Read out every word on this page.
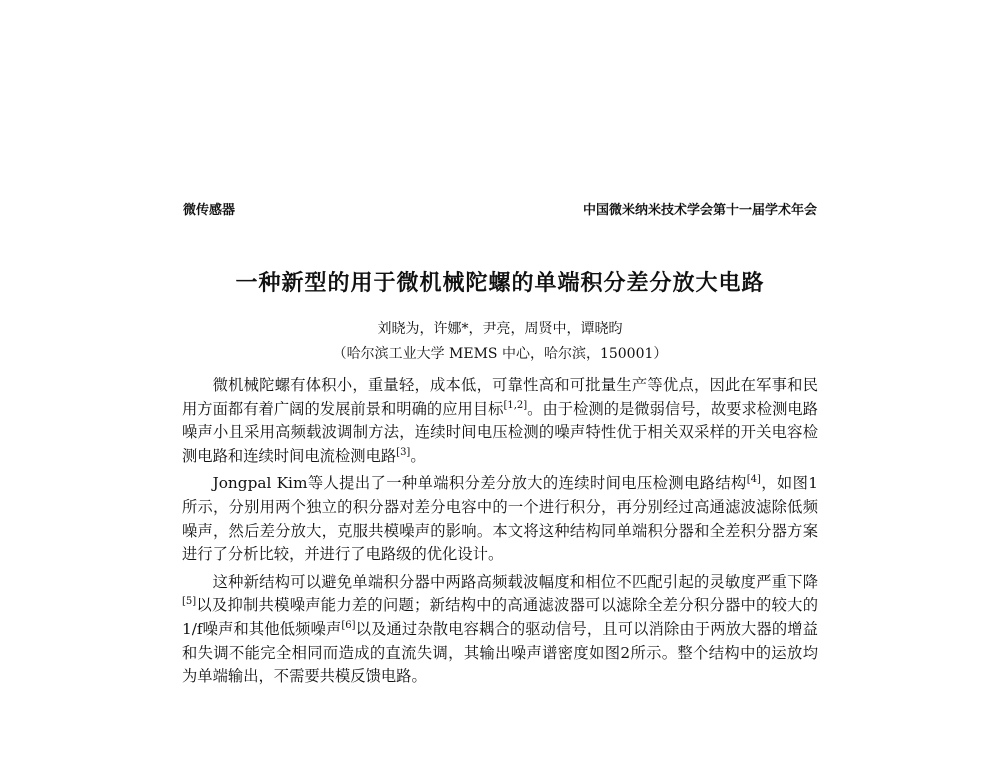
微传感器	中国微米纳米技术学会第十一届学术年会
一种新型的用于微机械陀螺的单端积分差分放大电路
刘晓为，许娜*，尹亮，周贤中，谭晓昀
（哈尔滨工业大学 MEMS 中心，哈尔滨，150001）

微机械陀螺有体积小，重量轻，成本低，可靠性高和可批量生产等优点，因此在军事和民用方面都有着广阔的发展前景和明确的应用目标[1,2]。由于检测的是微弱信号，故要求检测电路噪声小且采用高频载波调制方法，连续时间电压检测的噪声特性优于相关双采样的开关电容检测电路和连续时间电流检测电路[3]。

Jongpal Kim等人提出了一种单端积分差分放大的连续时间电压检测电路结构[4]，如图1所示，分别用两个独立的积分器对差分电容中的一个进行积分，再分别经过高通滤波滤除低频噪声，然后差分放大，克服共模噪声的影响。本文将这种结构同单端积分器和全差积分器方案进行了分析比较，并进行了电路级的优化设计。

这种新结构可以避免单端积分器中两路高频载波幅度和相位不匹配引起的灵敏度严重下降[5]以及抑制共模噪声能力差的问题；新结构中的高通滤波器可以滤除全差分积分器中的较大的1/f噪声和其他低频噪声[6]以及通过杂散电容耦合的驱动信号，且可以消除由于两放大器的增益和失调不能完全相同而造成的直流失调，其输出噪声谱密度如图2所示。整个结构中的运放均为单端输出，不需要共模反馈电路。
